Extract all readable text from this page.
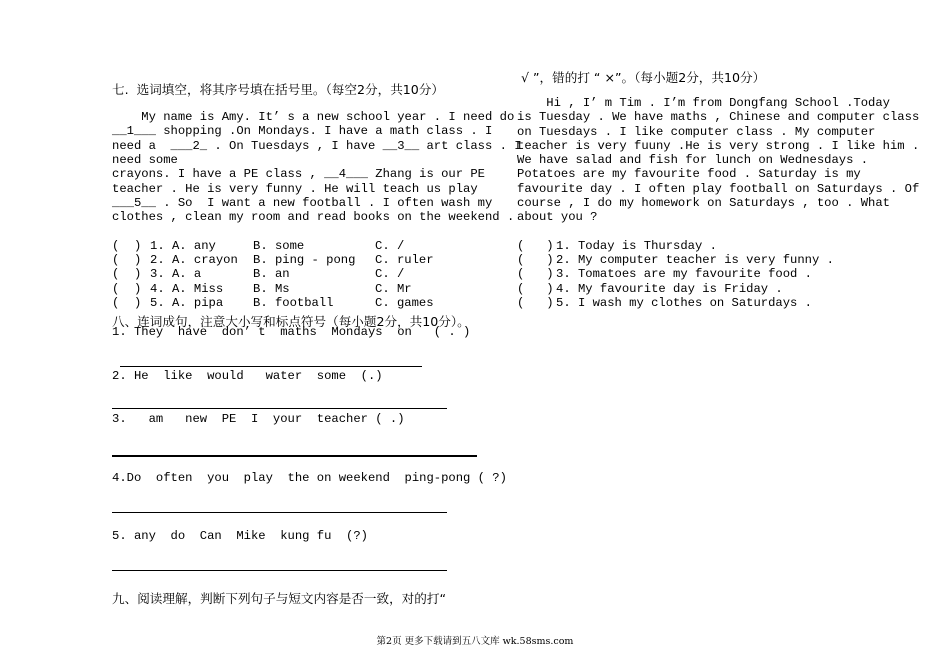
七.  选词填空，将其序号填在括号里。（每空2分，共10分）
My name is Amy. It’ s a new school year . I need do
__1___ shopping .On Mondays. I have a math class . I
need a  ___2_ . On Tuesdays , I have __3__ art class . I
need some
crayons. I have a PE class , __4___ Zhang is our PE
teacher . He is very funny . He will teach us play
___5__ . So  I want a new football . I often wash my
clothes , clean my room and read books on the weekend .
(  ) 1. A. any	B. some	C. /
(  ) 2. A. crayon B. ping - pong C. ruler
(  ) 3. A. a	B. an	C. /
(  ) 4. A. Miss B. Ms	C. Mr
(  ) 5. A. pipa B. football	C. games
八、连词成句，注意大小写和标点符号（每小题2分，共10分）。
1. They  have  don’ t  maths  Mondays  on   ( . )
2. He  like  would   water  some  (.)
3.   am   new  PE  I  your  teacher ( .)
4.Do  often  you  play  the on weekend  ping-pong ( ?)
5. any  do  Can  Mike  kung fu  (?)
九、阅读理解，判断下列句子与短文内容是否一致，对的打“
√ ”，错的打 “ ×”。（每小题2分，共10分）
Hi , I’ m Tim . I’m from Dongfang School .Today
is Tuesday . We have maths , Chinese and computer class
on Tuesdays . I like computer class . My computer
teacher is very fuuny .He is very strong . I like him .
We have salad and fish for lunch on Wednesdays .
Potatoes are my favourite food . Saturday is my
favourite day . I often play football on Saturdays . Of
course , I do my homework on Saturdays , too . What
about you ?
(   ) 1. Today is Thursday .
(   ) 2. My computer teacher is very funny .
(   ) 3. Tomatoes are my favourite food .
(   ) 4. My favourite day is Friday .
(   ) 5. I wash my clothes on Saturdays .
第2页 更多下载请到五八文库 wk.58sms.com
